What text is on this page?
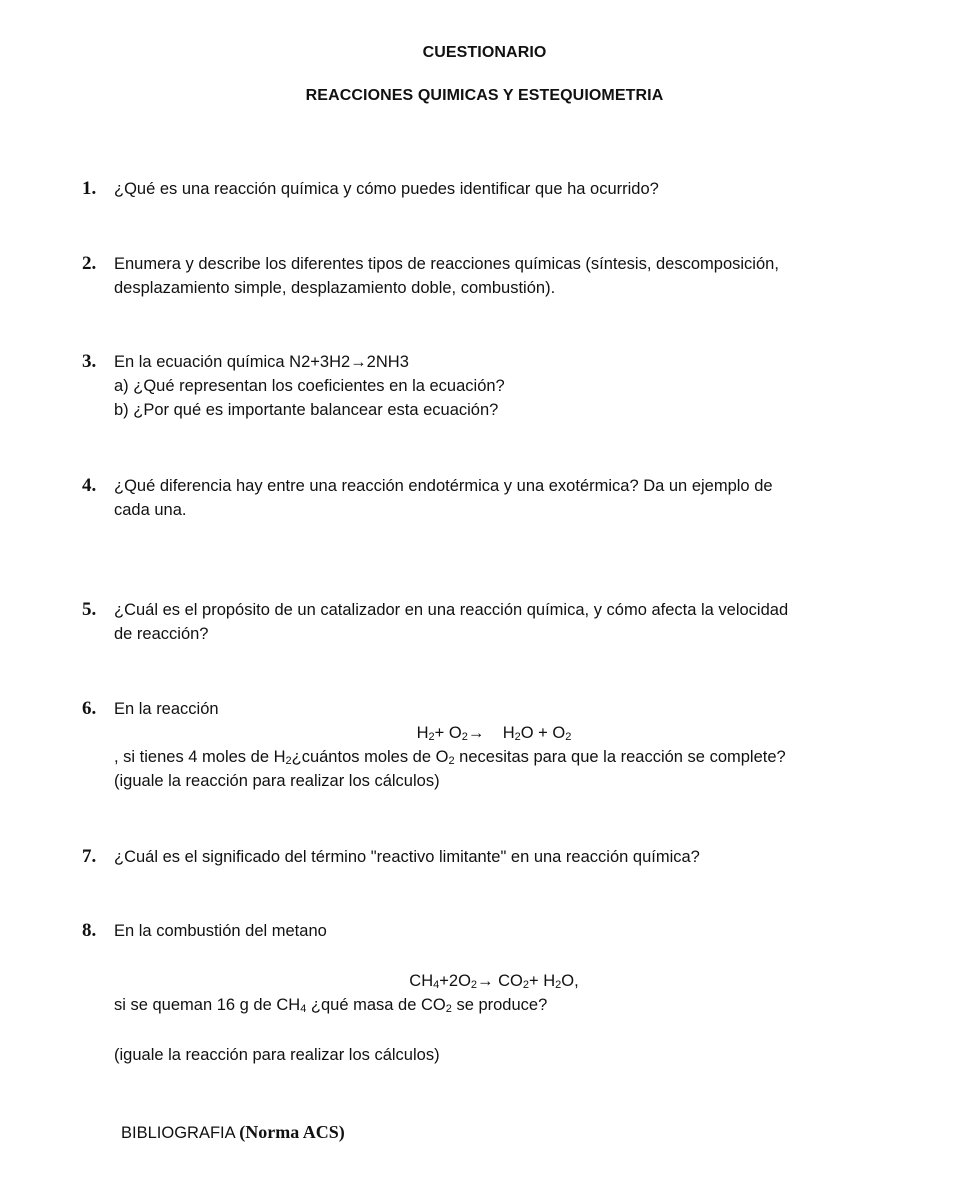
CUESTIONARIO
REACCIONES QUIMICAS Y ESTEQUIOMETRIA
1. ¿Qué es una reacción química y cómo puedes identificar que ha ocurrido?
2. Enumera y describe los diferentes tipos de reacciones químicas (síntesis, descomposición,
desplazamiento simple, desplazamiento doble, combustión).
3. En la ecuación química N2+3H2→2NH3
a) ¿Qué representan los coeficientes en la ecuación?
b) ¿Por qué es importante balancear esta ecuación?
4. ¿Qué diferencia hay entre una reacción endotérmica y una exotérmica? Da un ejemplo de
cada una.
5. ¿Cuál es el propósito de un catalizador en una reacción química, y cómo afecta la velocidad
de reacción?
6. En la reacción
$H_2+ O_2\to$    $H_2O + O_2$
, si tienes 4 moles de $H_2¿cuántos$ moles de $O_2$ necesitas para que la reacción se complete?
(iguale la reacción para realizar los cálculos)
7. ¿Cuál es el significado del término "reactivo limitante" en una reacción química?
8. En la combustión del metano
$CH_4+2O_2\to CO_2+ H_2O$,
si se queman 16 g de $CH_4$ ¿qué masa de $CO_2$ se produce?
(iguale la reacción para realizar los cálculos)
BIBLIOGRAFIA (Norma ACS)
